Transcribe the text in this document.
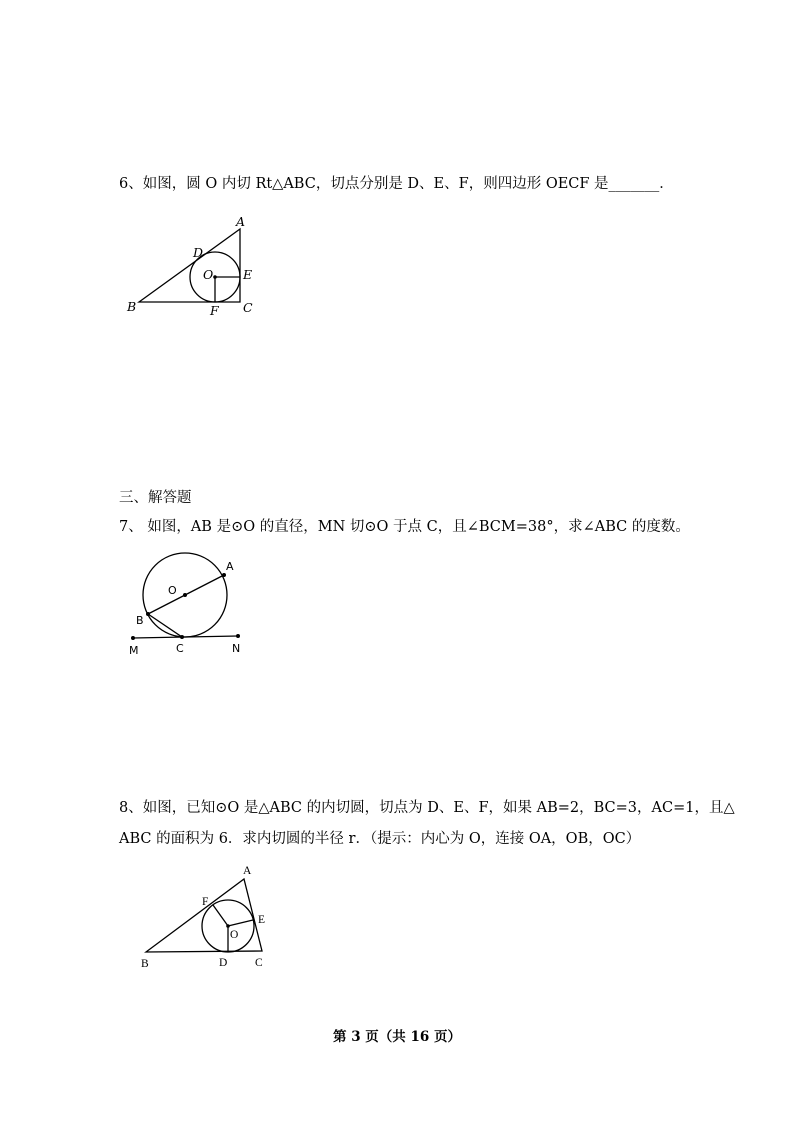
6、如图，圆 O 内切 Rt△ABC，切点分别是 D、E、F，则四边形 OECF 是_______．
A
D
O E
B	F C
三、解答题
7、 如图，AB 是⊙O 的直径，MN 切⊙O 于点 C，且∠BCM=38°，求∠ABC 的度数。
A
O
B
M	C	N
8、如图，已知⊙O 是△ABC 的内切圆，切点为 D、E、F，如果 AB=2，BC=3，AC=1，且△
ABC 的面积为 6．求内切圆的半径 r．（提示：内心为 O，连接 OA，OB，OC）
A
F
E
O
B	D C
第 3 页（共 16 页）
